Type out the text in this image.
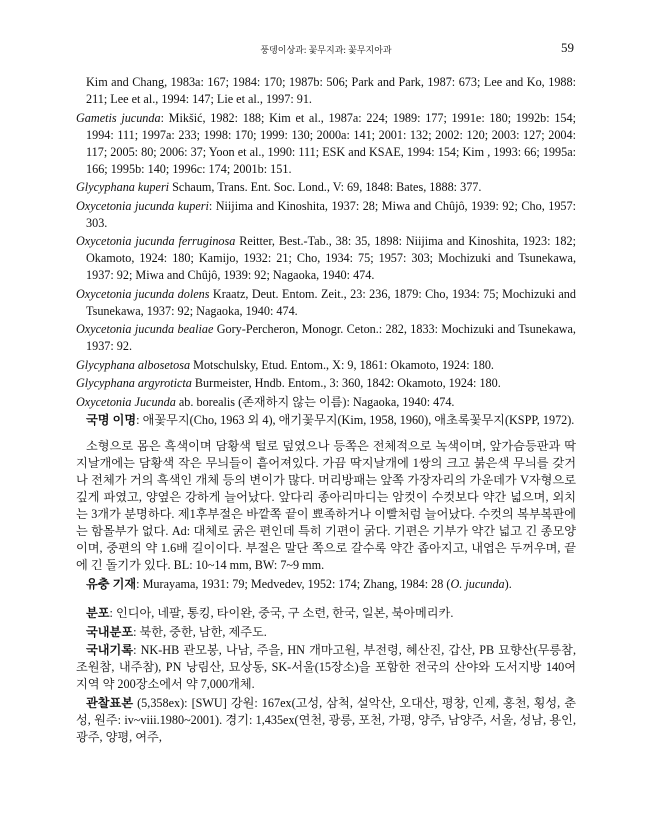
풍뎅이상과: 꽃무지과: 꽃무지아과	59

Kim and Chang, 1983a: 167; 1984: 170; 1987b: 506; Park and Park, 1987: 673; Lee and Ko, 1988: 211; Lee et al., 1994: 147; Lie et al., 1997: 91.

Gametis jucunda: Mikšić, 1982: 188; Kim et al., 1987a: 224; 1989: 177; 1991e: 180; 1992b: 154; 1994: 111; 1997a: 233; 1998: 170; 1999: 130; 2000a: 141; 2001: 132; 2002: 120; 2003: 127; 2004: 117; 2005: 80; 2006: 37; Yoon et al., 1990: 111; ESK and KSAE, 1994: 154; Kim , 1993: 66; 1995a: 166; 1995b: 140; 1996c: 174; 2001b: 151.

Glycyphana kuperi Schaum, Trans. Ent. Soc. Lond., V: 69, 1848: Bates, 1888: 377.

Oxycetonia jucunda kuperi: Niijima and Kinoshita, 1937: 28; Miwa and Chûjô, 1939: 92; Cho, 1957: 303.

Oxycetonia jucunda ferruginosa Reitter, Best.-Tab., 38: 35, 1898: Niijima and Kinoshita, 1923: 182; Okamoto, 1924: 180; Kamijo, 1932: 21; Cho, 1934: 75; 1957: 303; Mochizuki and Tsunekawa, 1937: 92; Miwa and Chûjô, 1939: 92; Nagaoka, 1940: 474.

Oxycetonia jucunda dolens Kraatz, Deut. Entom. Zeit., 23: 236, 1879: Cho, 1934: 75; Mochizuki and Tsunekawa, 1937: 92; Nagaoka, 1940: 474.

Oxycetonia jucunda bealiae Gory-Percheron, Monogr. Ceton.: 282, 1833: Mochizuki and Tsunekawa, 1937: 92.

Glycyphana albosetosa Motschulsky, Etud. Entom., X: 9, 1861: Okamoto, 1924: 180.

Glycyphana argyroticta Burmeister, Hndb. Entom., 3: 360, 1842: Okamoto, 1924: 180.

Oxycetonia Jucunda ab. borealis (존재하지 않는 이름): Nagaoka, 1940: 474.

국명 이명: 애꽃무지(Cho, 1963 외 4), 애기꽃무지(Kim, 1958, 1960), 애초록꽃무지(KSPP, 1972).

소형으로 몸은 흑색이며 담황색 털로 덮였으나 등쪽은 전체적으로 녹색이며, 앞가슴등판과 딱지날개에는 담황색 작은 무늬들이 흩어져있다. 가끔 딱지날개에 1쌍의 크고 붉은색 무늬를 갖거나 전체가 거의 흑색인 개체 등의 변이가 많다. 머리방패는 앞쪽 가장자리의 가운데가 V자형으로 깊게 파였고, 양옆은 강하게 늘어났다. 앞다리 종아리마디는 암컷이 수컷보다 약간 넓으며, 외치는 3개가 분명하다. 제1후부절은 바깥쪽 끝이 뾰족하거나 이빨처럼 늘어났다. 수컷의 복부복판에는 함몰부가 없다. Ad: 대체로 굵은 편인데 특히 기편이 굵다. 기편은 기부가 약간 넓고 긴 종모양이며, 중편의 약 1.6배 길이이다. 부절은 말단 쪽으로 갈수록 약간 좁아지고, 내엽은 두꺼우며, 끝에 긴 돌기가 있다. BL: 10~14 mm, BW: 7~9 mm.

유충 기재: Murayama, 1931: 79; Medvedev, 1952: 174; Zhang, 1984: 28 (O. jucunda).

분포: 인디아, 네팔, 통킹, 타이완, 중국, 구 소련, 한국, 일본, 북아메리카.

국내분포: 북한, 중한, 남한, 제주도.

국내기록: NK-HB 관모봉, 나남, 주을, HN 개마고원, 부전령, 혜산진, 갑산, PB 묘향산(무릉참, 조원참, 내주참), PN 낭림산, 묘상동, SK-서울(15장소)을 포함한 전국의 산야와 도서지방 140여 지역 약 200장소에서 약 7,000개체.

관찰표본 (5,358ex): [SWU] 강원: 167ex(고성, 삼척, 설악산, 오대산, 평창, 인제, 홍천, 횡성, 춘성, 원주: iv~viii.1980~2001). 경기: 1,435ex(연천, 광릉, 포천, 가평, 양주, 남양주, 서울, 성남, 용인, 광주, 양평, 여주,
